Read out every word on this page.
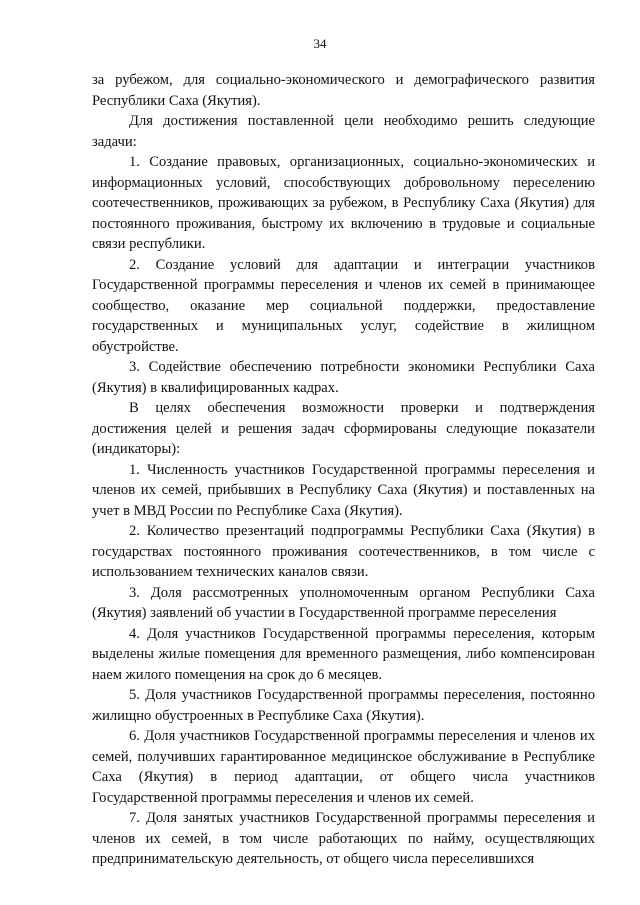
34

за рубежом, для социально-экономического и демографического развития Республики Саха (Якутия).

Для достижения поставленной цели необходимо решить следующие задачи:

1. Создание правовых, организационных, социально-экономических и информационных условий, способствующих добровольному переселению соотечественников, проживающих за рубежом, в Республику Саха (Якутия) для постоянного проживания, быстрому их включению в трудовые и социальные связи республики.

2. Создание условий для адаптации и интеграции участников Государственной программы переселения и членов их семей в принимающее сообщество, оказание мер социальной поддержки, предоставление государственных и муниципальных услуг, содействие в жилищном обустройстве.

3. Содействие обеспечению потребности экономики Республики Саха (Якутия) в квалифицированных кадрах.

В целях обеспечения возможности проверки и подтверждения достижения целей и решения задач сформированы следующие показатели (индикаторы):

1. Численность участников Государственной программы переселения и членов их семей, прибывших в Республику Саха (Якутия) и поставленных на учет в МВД России по Республике Саха (Якутия).

2. Количество презентаций подпрограммы Республики Саха (Якутия) в государствах постоянного проживания соотечественников, в том числе с использованием технических каналов связи.

3. Доля рассмотренных уполномоченным органом Республики Саха (Якутия) заявлений об участии в Государственной программе переселения

4. Доля участников Государственной программы переселения, которым выделены жилые помещения для временного размещения, либо компенсирован наем жилого помещения на срок до 6 месяцев.

5. Доля участников Государственной программы переселения, постоянно жилищно обустроенных в Республике Саха (Якутия).

6. Доля участников Государственной программы переселения и членов их семей, получивших гарантированное медицинское обслуживание в Республике Саха (Якутия) в период адаптации, от общего числа участников Государственной программы переселения и членов их семей.

7. Доля занятых участников Государственной программы переселения и членов их семей, в том числе работающих по найму, осуществляющих предпринимательскую деятельность, от общего числа переселившихся
